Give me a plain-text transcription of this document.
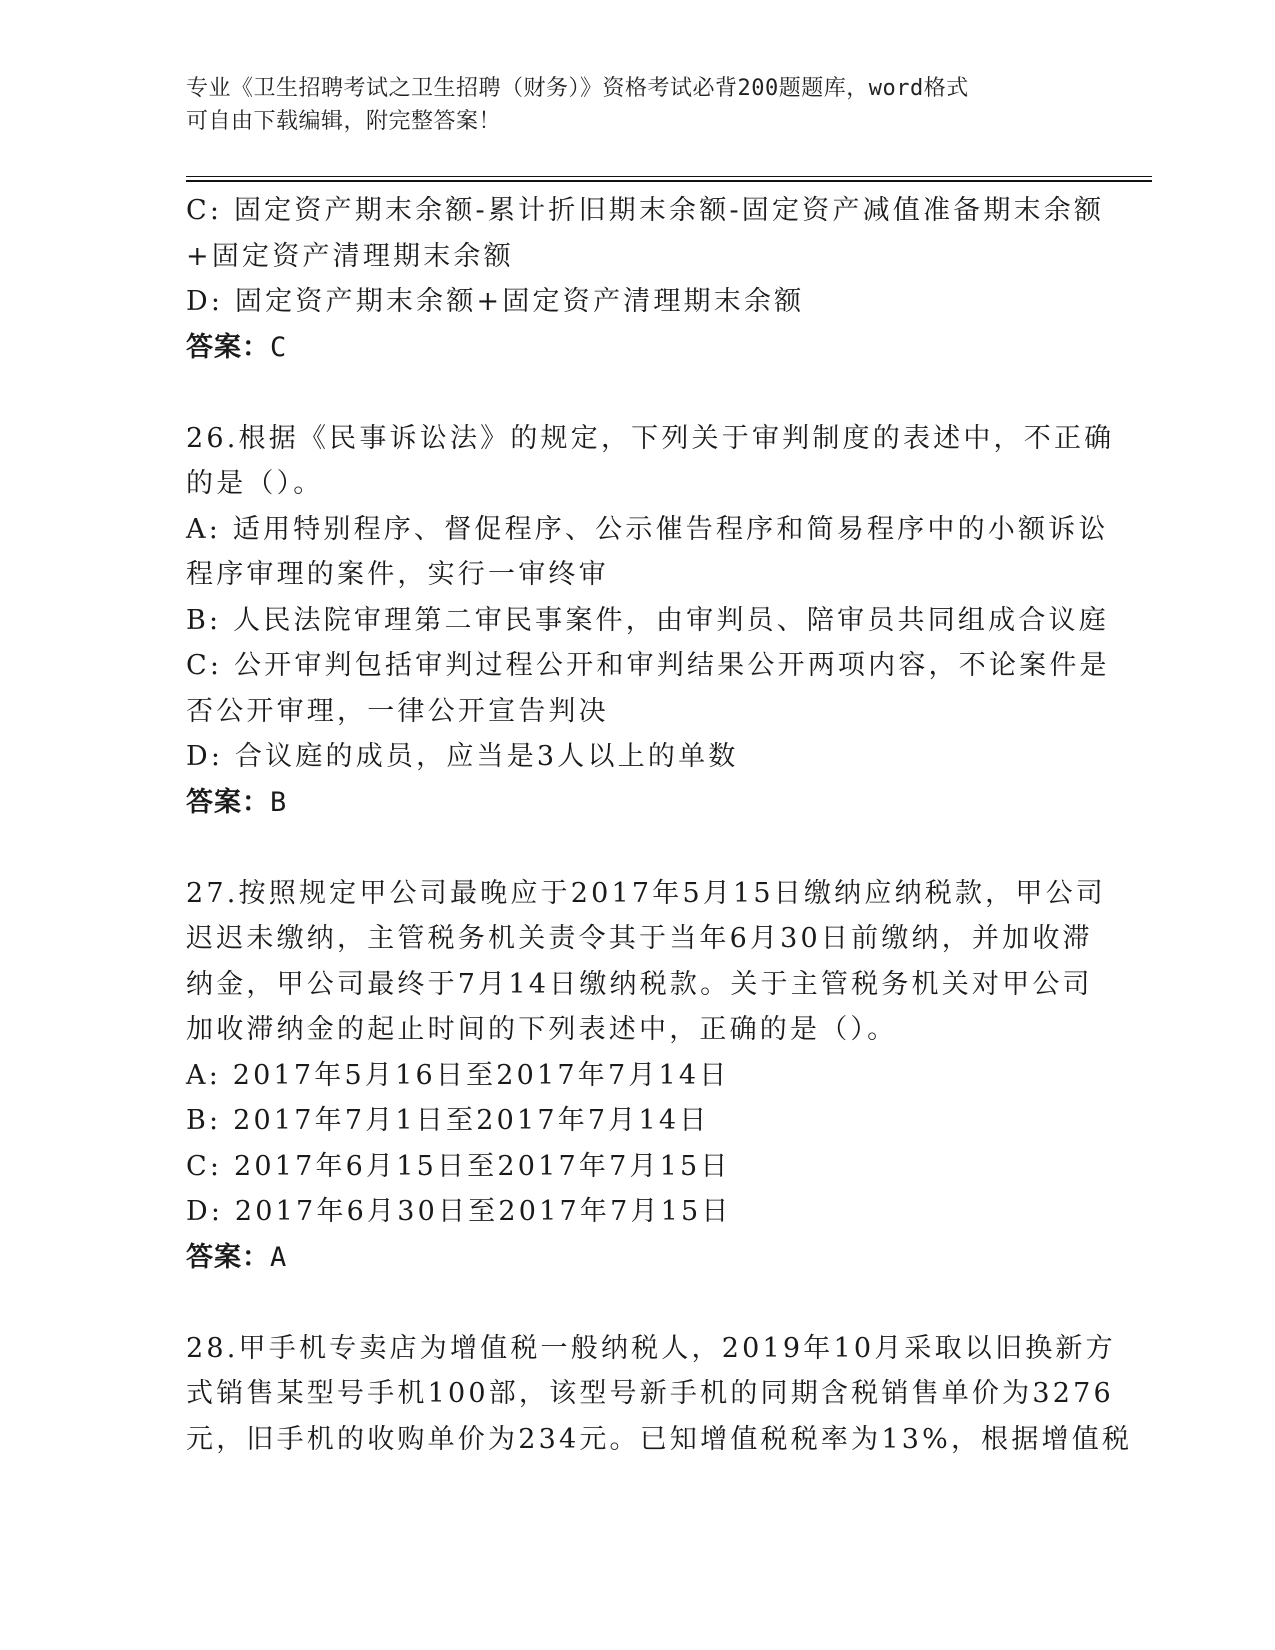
专业《卫生招聘考试之卫生招聘（财务）》资格考试必背200题题库，word格式
可自由下载编辑，附完整答案！
C: 固定资产期末余额-累计折旧期末余额-固定资产减值准备期末余额
+固定资产清理期末余额
D: 固定资产期末余额+固定资产清理期末余额
答案：C
26.根据《民事诉讼法》的规定，下列关于审判制度的表述中，不正确
的是（）。
A: 适用特别程序、督促程序、公示催告程序和简易程序中的小额诉讼
程序审理的案件，实行一审终审
B: 人民法院审理第二审民事案件，由审判员、陪审员共同组成合议庭
C: 公开审判包括审判过程公开和审判结果公开两项内容，不论案件是
否公开审理，一律公开宣告判决
D: 合议庭的成员，应当是3人以上的单数
答案：B
27.按照规定甲公司最晚应于2017年5月15日缴纳应纳税款，甲公司
迟迟未缴纳，主管税务机关责令其于当年6月30日前缴纳，并加收滞
纳金，甲公司最终于7月14日缴纳税款。关于主管税务机关对甲公司
加收滞纳金的起止时间的下列表述中，正确的是（）。
A: 2017年5月16日至2017年7月14日
B: 2017年7月1日至2017年7月14日
C: 2017年6月15日至2017年7月15日
D: 2017年6月30日至2017年7月15日
答案：A
28.甲手机专卖店为增值税一般纳税人，2019年10月采取以旧换新方
式销售某型号手机100部，该型号新手机的同期含税销售单价为3276
元，旧手机的收购单价为234元。已知增值税税率为13%，根据增值税
